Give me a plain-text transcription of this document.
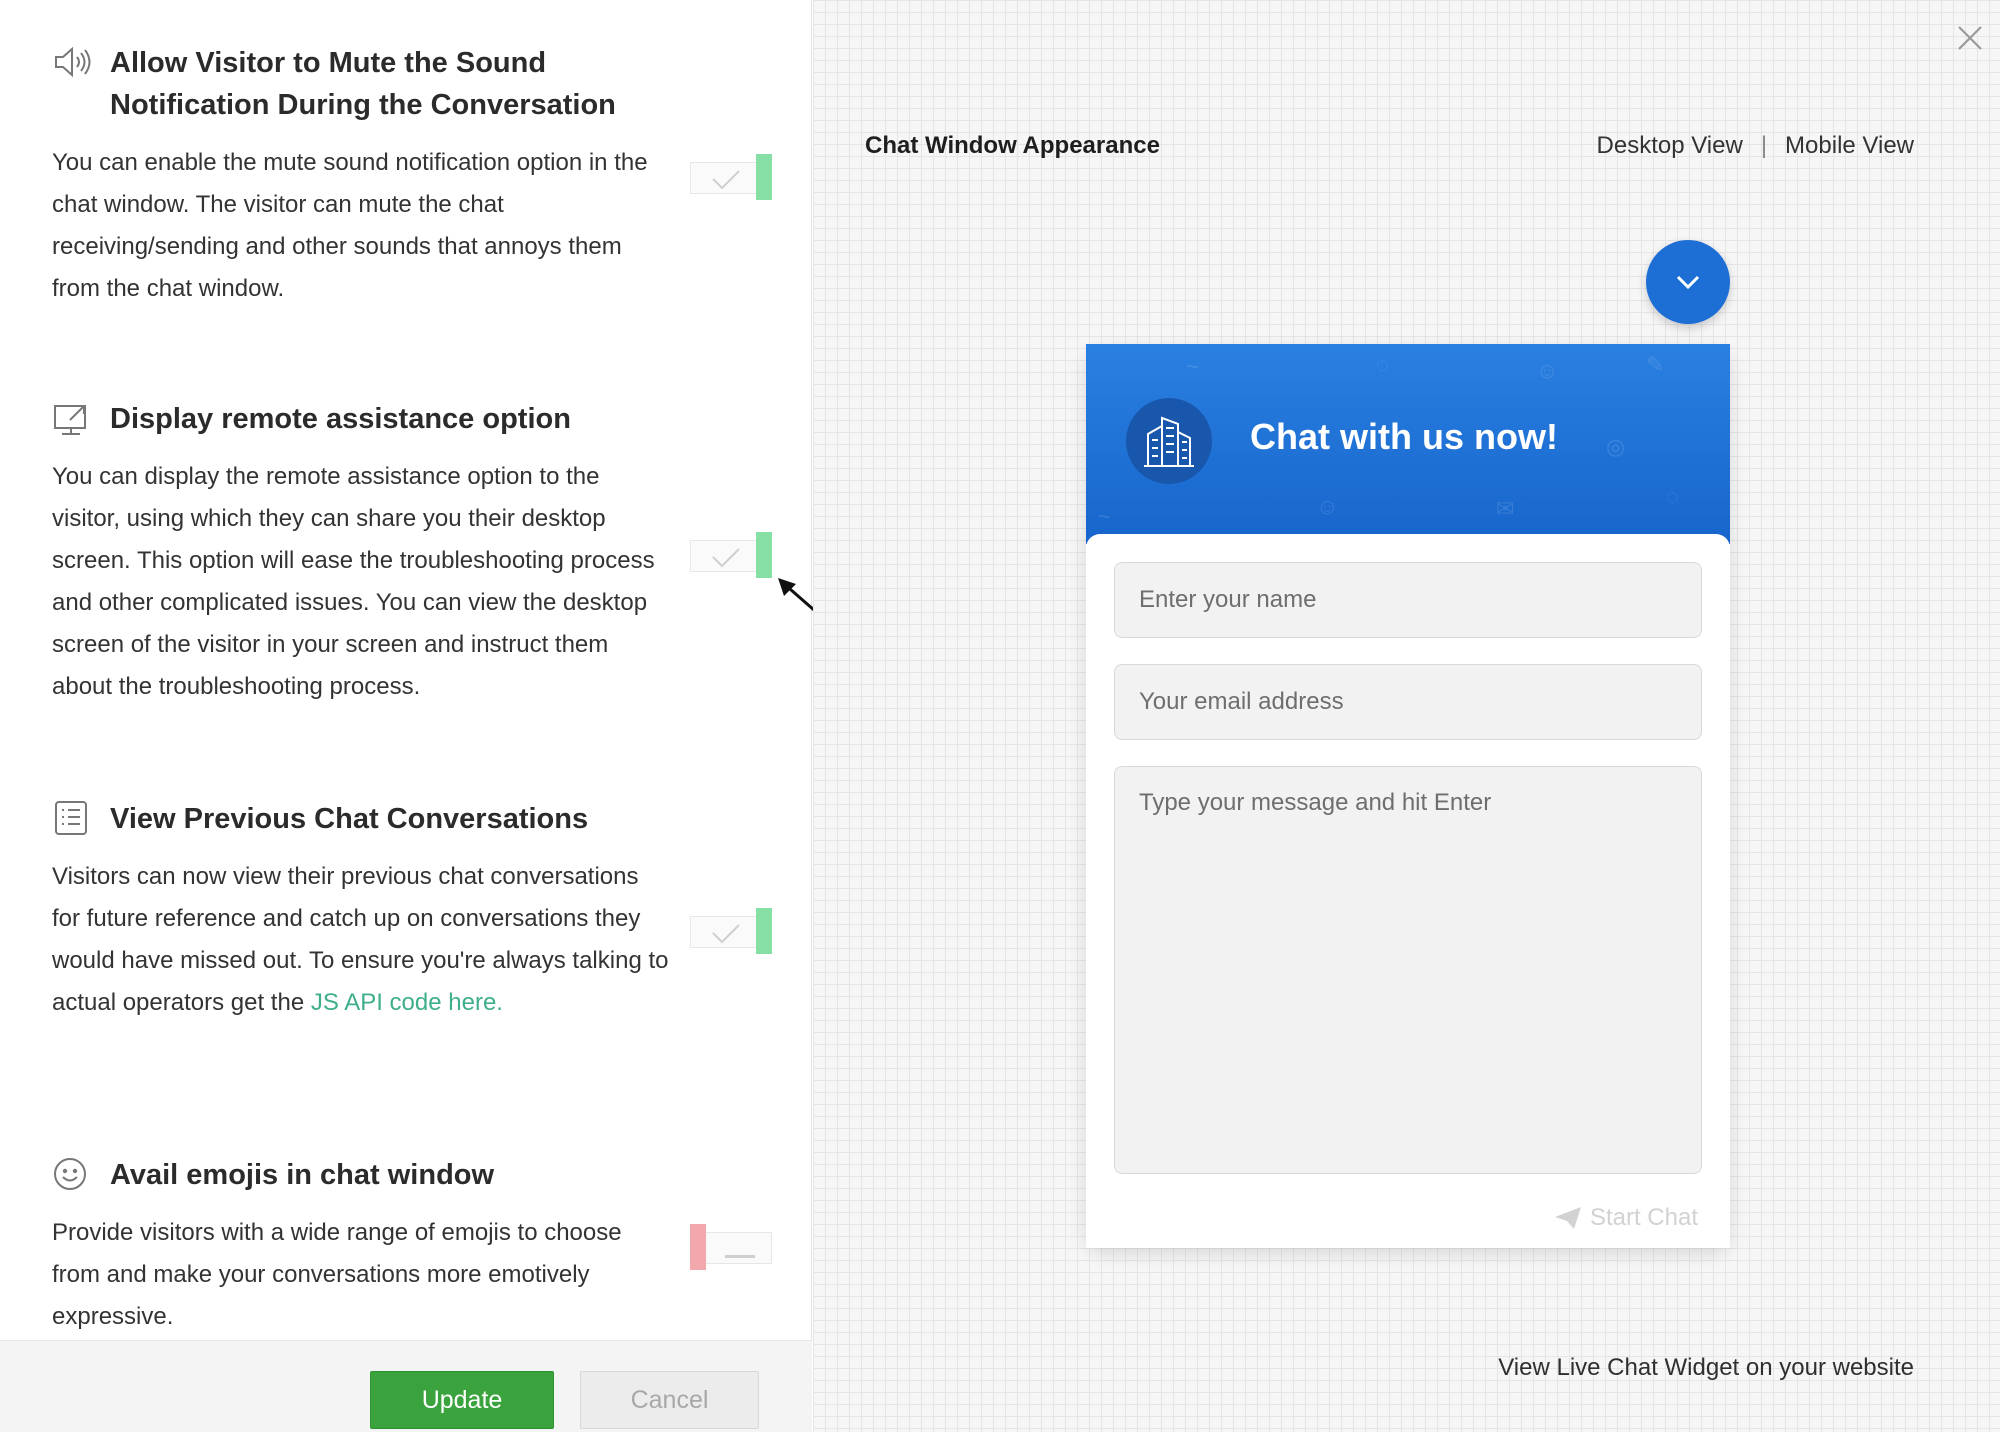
Allow Visitor to Mute the Sound Notification During the Conversation

You can enable the mute sound notification option in the chat window. The visitor can mute the chat receiving/sending and other sounds that annoys them from the chat window.

Display remote assistance option

You can display the remote assistance option to the visitor, using which they can share you their desktop screen. This option will ease the troubleshooting process and other complicated issues. You can view the desktop screen of the visitor in your screen and instruct them about the troubleshooting process.

View Previous Chat Conversations

Visitors can now view their previous chat conversations for future reference and catch up on conversations they would have missed out. To ensure you're always talking to actual operators get the JS API code here.

Avail emojis in chat window

Provide visitors with a wide range of emojis to choose from and make your conversations more emotively expressive.

Update	Cancel
Chat Window Appearance	Desktop View | Mobile View
~	◌	☺	✎
◎
◌
☺	✉
~
Chat with us now!
Enter your name
Your email address
Type your message and hit Enter
Start Chat
View Live Chat Widget on your website
